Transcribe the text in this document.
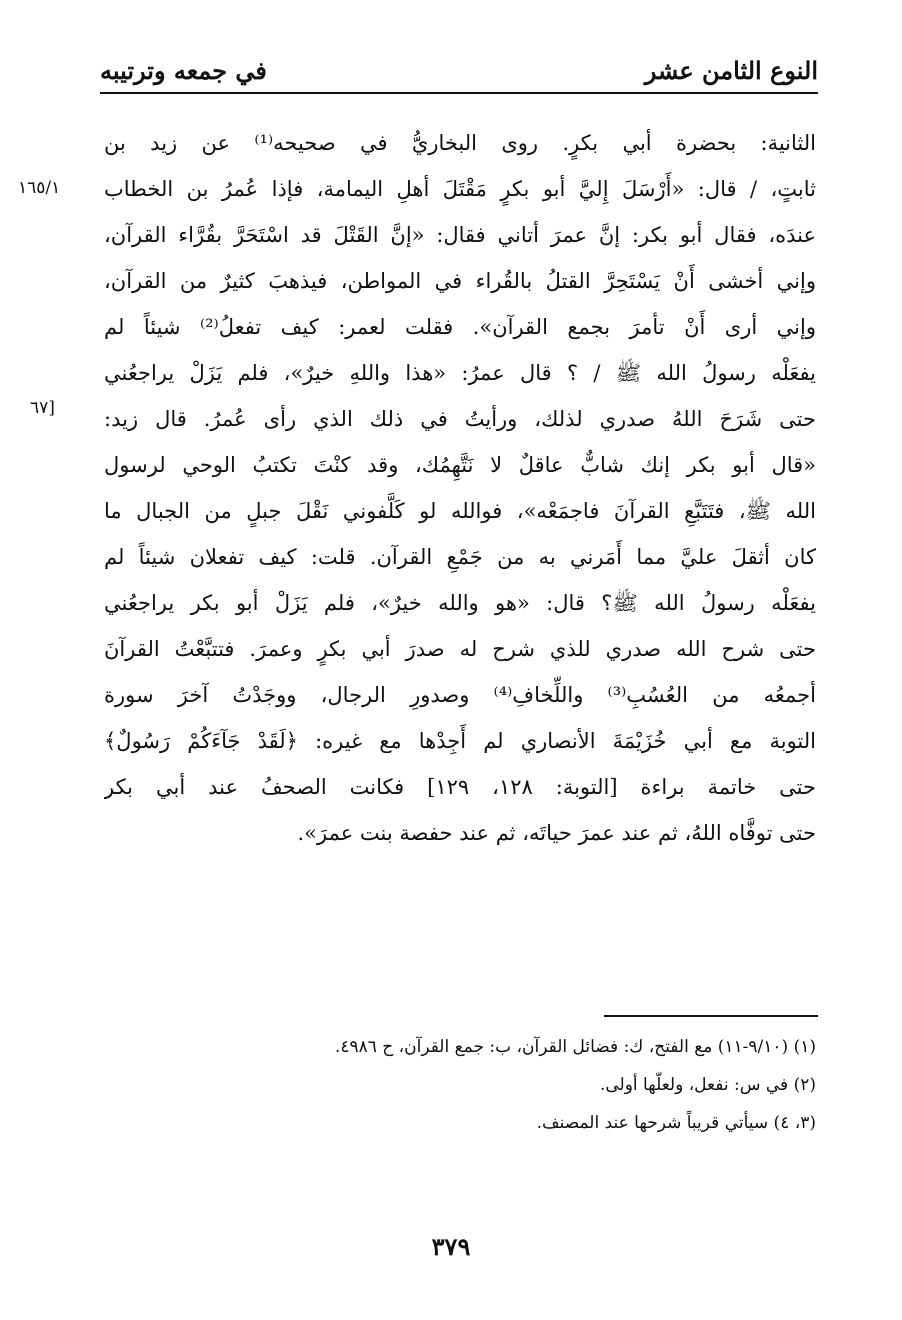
النوع الثامن عشر
في جمعه وترتيبه
١٦٥/١
[٦٧
الثانية: بحضرة أبي بكرٍ. روى البخاريُّ في صحيحه⁽¹⁾ عن زيد بن
ثابتٍ، / قال: «أَرْسَلَ إِليَّ أبو بكرٍ مَقْتَلَ أهلِ اليمامة، فإذا عُمرُ بن الخطاب
عندَه، فقال أبو بكر: إنَّ عمرَ أتاني فقال: «إنَّ القَتْلَ قد اسْتَحَرَّ بقُرَّاء القرآن،
وإني أخشى أَنْ يَسْتَحِرَّ القتلُ بالقُراء في المواطن، فيذهبَ كثيرٌ من القرآن،
وإني أرى أَنْ تأمرَ بجمع القرآن». فقلت لعمر: كيف تفعلُ⁽²⁾ شيئاً لم
يفعَلْه رسولُ الله ﷺ / ؟ قال عمرُ: «هذا واللهِ خيرٌ»، فلم يَزَلْ يراجعُني
حتى شَرَحَ اللهُ صدري لذلك، ورأيتُ في ذلك الذي رأى عُمرُ. قال زيد:
«قال أبو بكر إنك شابٌّ عاقلٌ لا نَتَّهِمُك، وقد كنْتَ تكتبُ الوحي لرسول
الله ﷺ، فتَتَبَّعِ القرآنَ فاجمَعْه»، فوالله لو كَلَّفوني نَقْلَ جبلٍ من الجبال ما
كان أثقلَ عليَّ مما أَمَرني به من جَمْعِ القرآن. قلت: كيف تفعلان شيئاً لم
يفعَلْه رسولُ الله ﷺ؟ قال: «هو والله خيرٌ»، فلم يَزَلْ أبو بكر يراجعُني
حتى شرح الله صدري للذي شرح له صدرَ أبي بكرٍ وعمرَ. فتتبَّعْتُ القرآنَ
أجمعُه من العُسُبِ⁽³⁾ واللِّخافِ⁽⁴⁾ وصدورِ الرجال، ووجَدْتُ آخرَ سورة
التوبة مع أبي خُزَيْمَةَ الأنصاري لم أَجِدْها مع غيره: ﴿لَقَدْ جَآءَكُمْ رَسُولٌ﴾
حتى خاتمة براءة [التوبة: ١٢٨، ١٢٩] فكانت الصحفُ عند أبي بكر
حتى توفَّاه اللهُ، ثم عند عمرَ حياتَه، ثم عند حفصة بنت عمرَ».
(١) (٩/١٠-١١) مع الفتح، ك: فضائل القرآن، ب: جمع القرآن، ح ٤٩٨٦.
(٢) في س: نفعل، ولعلّها أولى.
(٣، ٤) سيأتي قريباً شرحها عند المصنف.
٣٧٩
